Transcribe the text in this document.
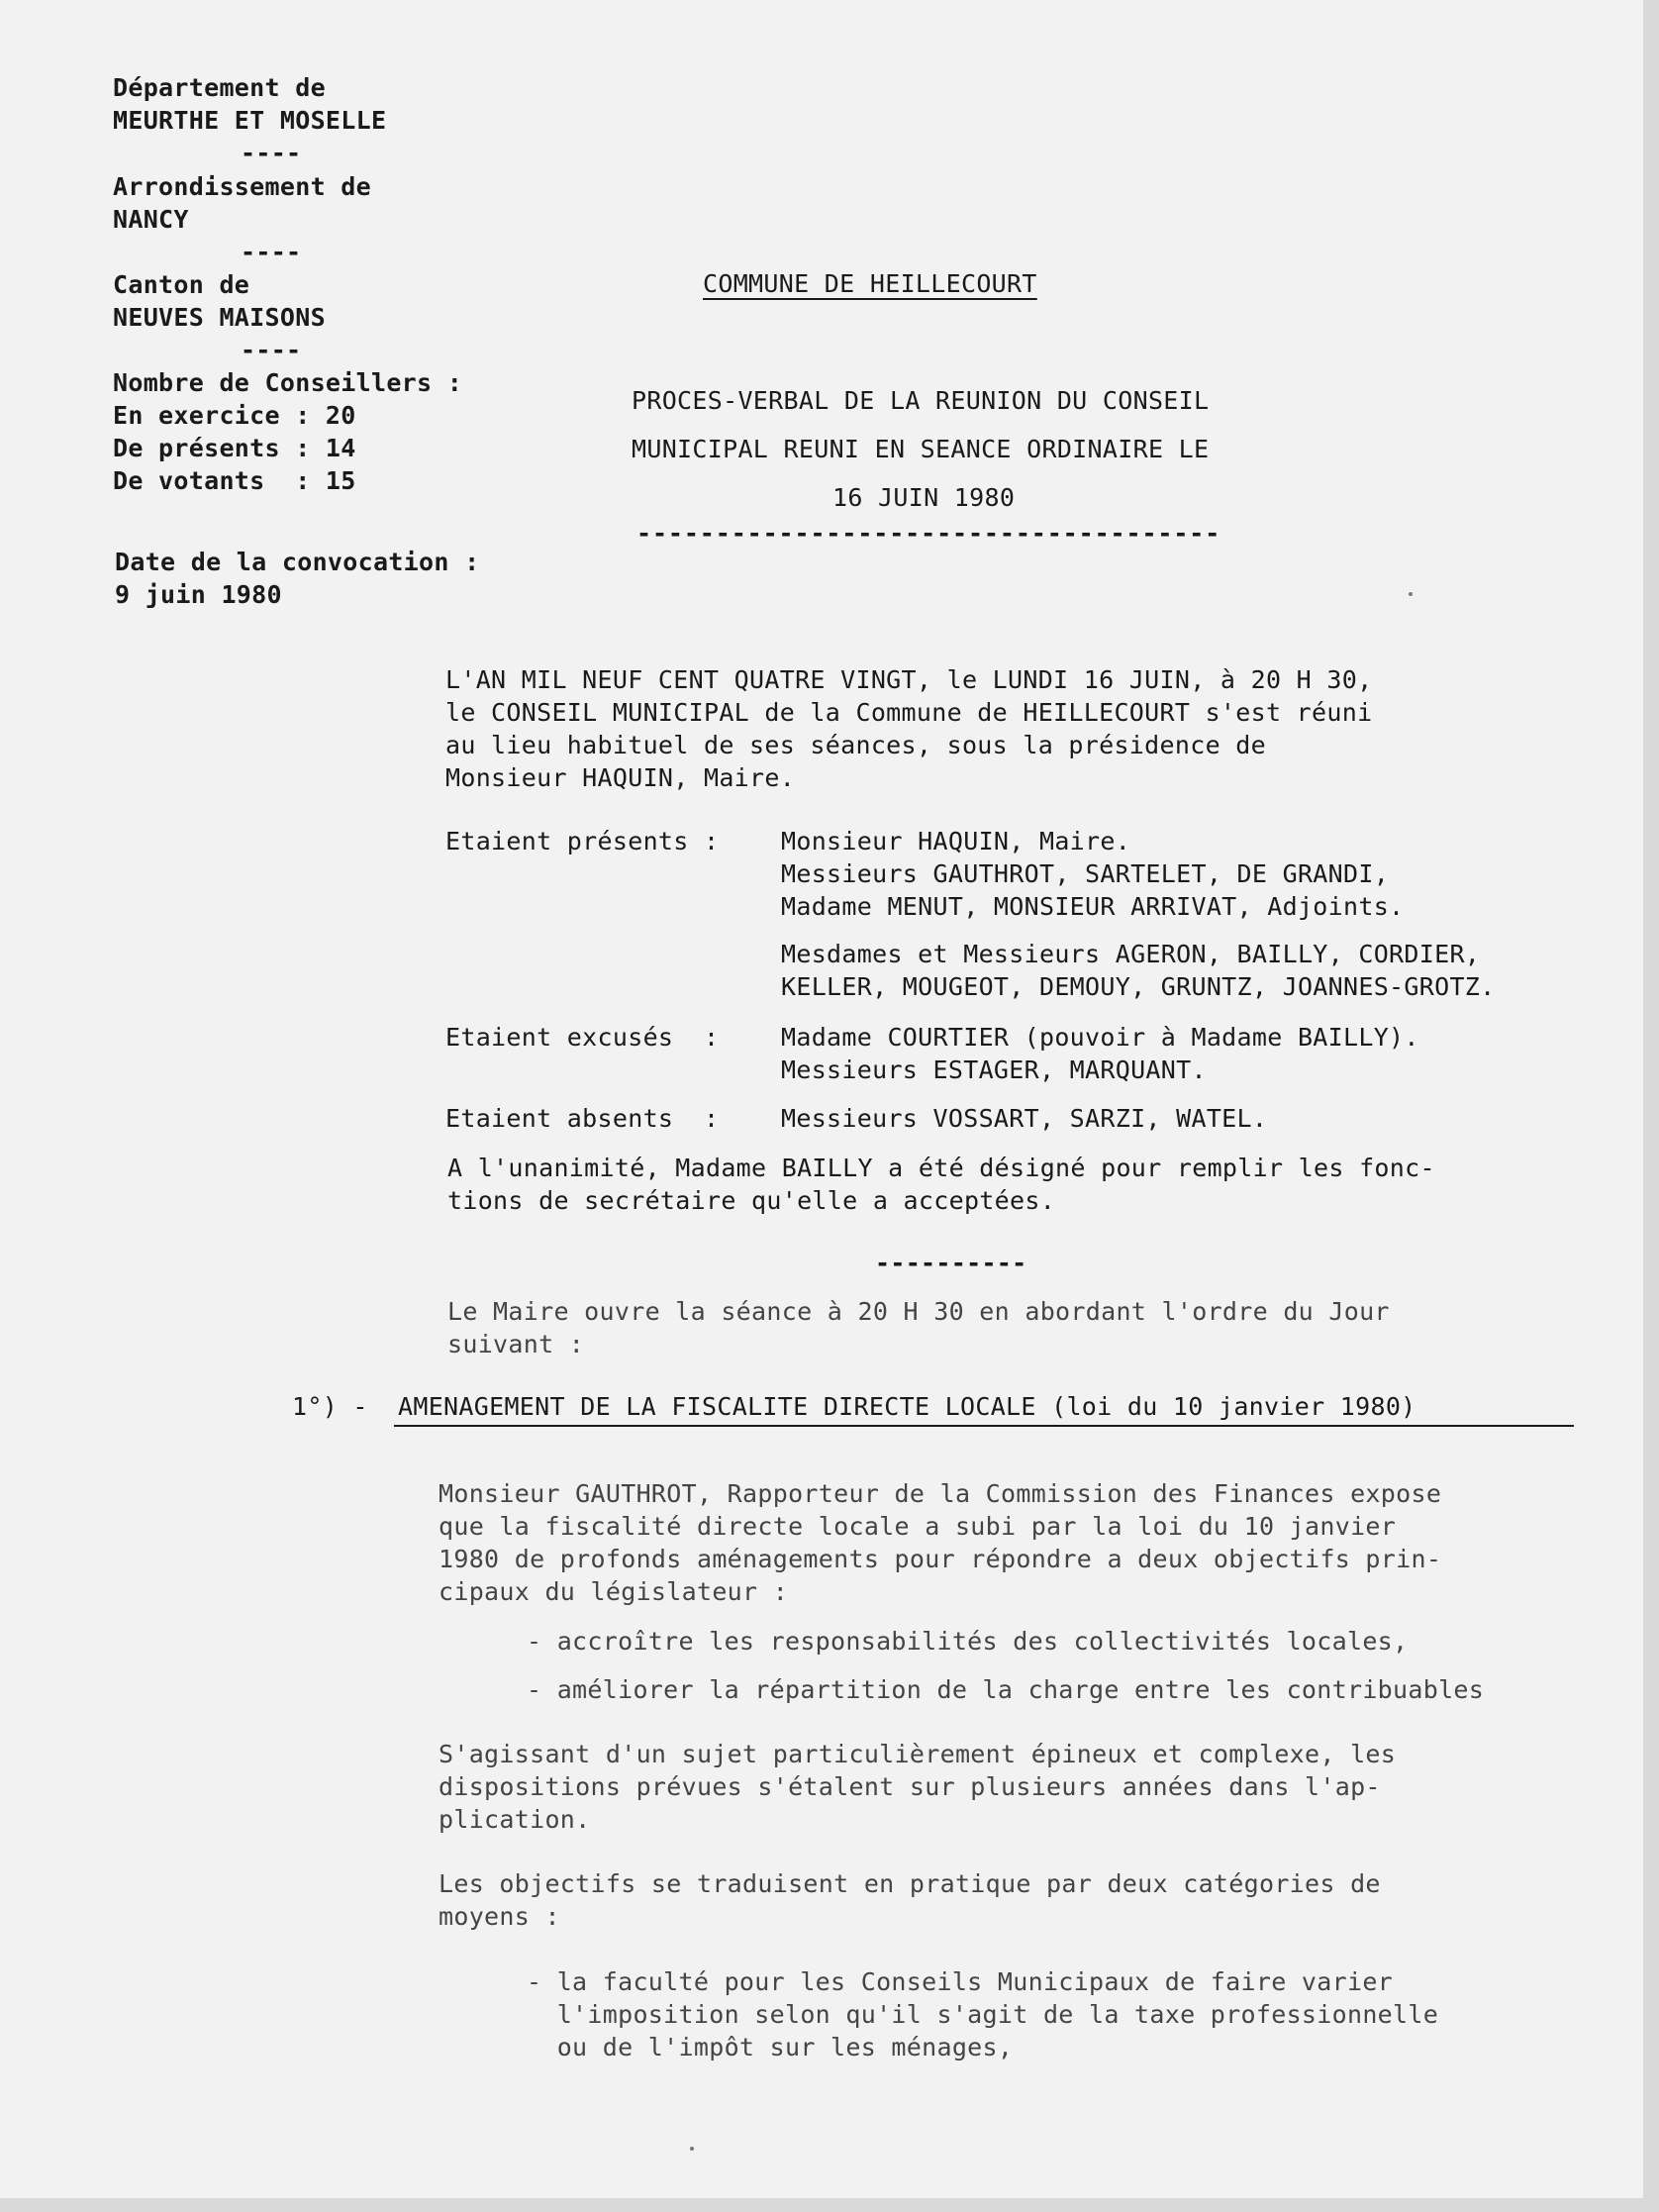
Département de
MEURTHE ET MOSELLE
----
Arrondissement de
NANCY
----
Canton de
NEUVES MAISONS
----
Nombre de Conseillers :
En exercice : 20
De présents : 14
De votants  : 15
Date de la convocation :
9 juin 1980
COMMUNE DE HEILLECOURT
PROCES-VERBAL DE LA REUNION DU CONSEIL
MUNICIPAL REUNI EN SEANCE ORDINAIRE LE
16 JUIN 1980
-------------------------------------
L'AN MIL NEUF CENT QUATRE VINGT, le LUNDI 16 JUIN, à 20 H 30,
le CONSEIL MUNICIPAL de la Commune de HEILLECOURT s'est réuni
au lieu habituel de ses séances, sous la présidence de
Monsieur HAQUIN, Maire.
Etaient présents :	Monsieur HAQUIN, Maire.
Messieurs GAUTHROT, SARTELET, DE GRANDI,
Madame MENUT, MONSIEUR ARRIVAT, Adjoints.
Mesdames et Messieurs AGERON, BAILLY, CORDIER,
KELLER, MOUGEOT, DEMOUY, GRUNTZ, JOANNES-GROTZ.
Etaient excusés  :	Madame COURTIER (pouvoir à Madame BAILLY).
Messieurs ESTAGER, MARQUANT.
Etaient absents  :	Messieurs VOSSART, SARZI, WATEL.
A l'unanimité, Madame BAILLY a été désigné pour remplir les fonc-
tions de secrétaire qu'elle a acceptées.
----------
Le Maire ouvre la séance à 20 H 30 en abordant l'ordre du Jour
suivant :
1°) - AMENAGEMENT DE LA FISCALITE DIRECTE LOCALE (loi du 10 janvier 1980)
Monsieur GAUTHROT, Rapporteur de la Commission des Finances expose
que la fiscalité directe locale a subi par la loi du 10 janvier
1980 de profonds aménagements pour répondre a deux objectifs prin-
cipaux du législateur :
- accroître les responsabilités des collectivités locales,
- améliorer la répartition de la charge entre les contribuables
S'agissant d'un sujet particulièrement épineux et complexe, les
dispositions prévues s'étalent sur plusieurs années dans l'ap-
plication.
Les objectifs se traduisent en pratique par deux catégories de
moyens :
- la faculté pour les Conseils Municipaux de faire varier
l'imposition selon qu'il s'agit de la taxe professionnelle
ou de l'impôt sur les ménages,
